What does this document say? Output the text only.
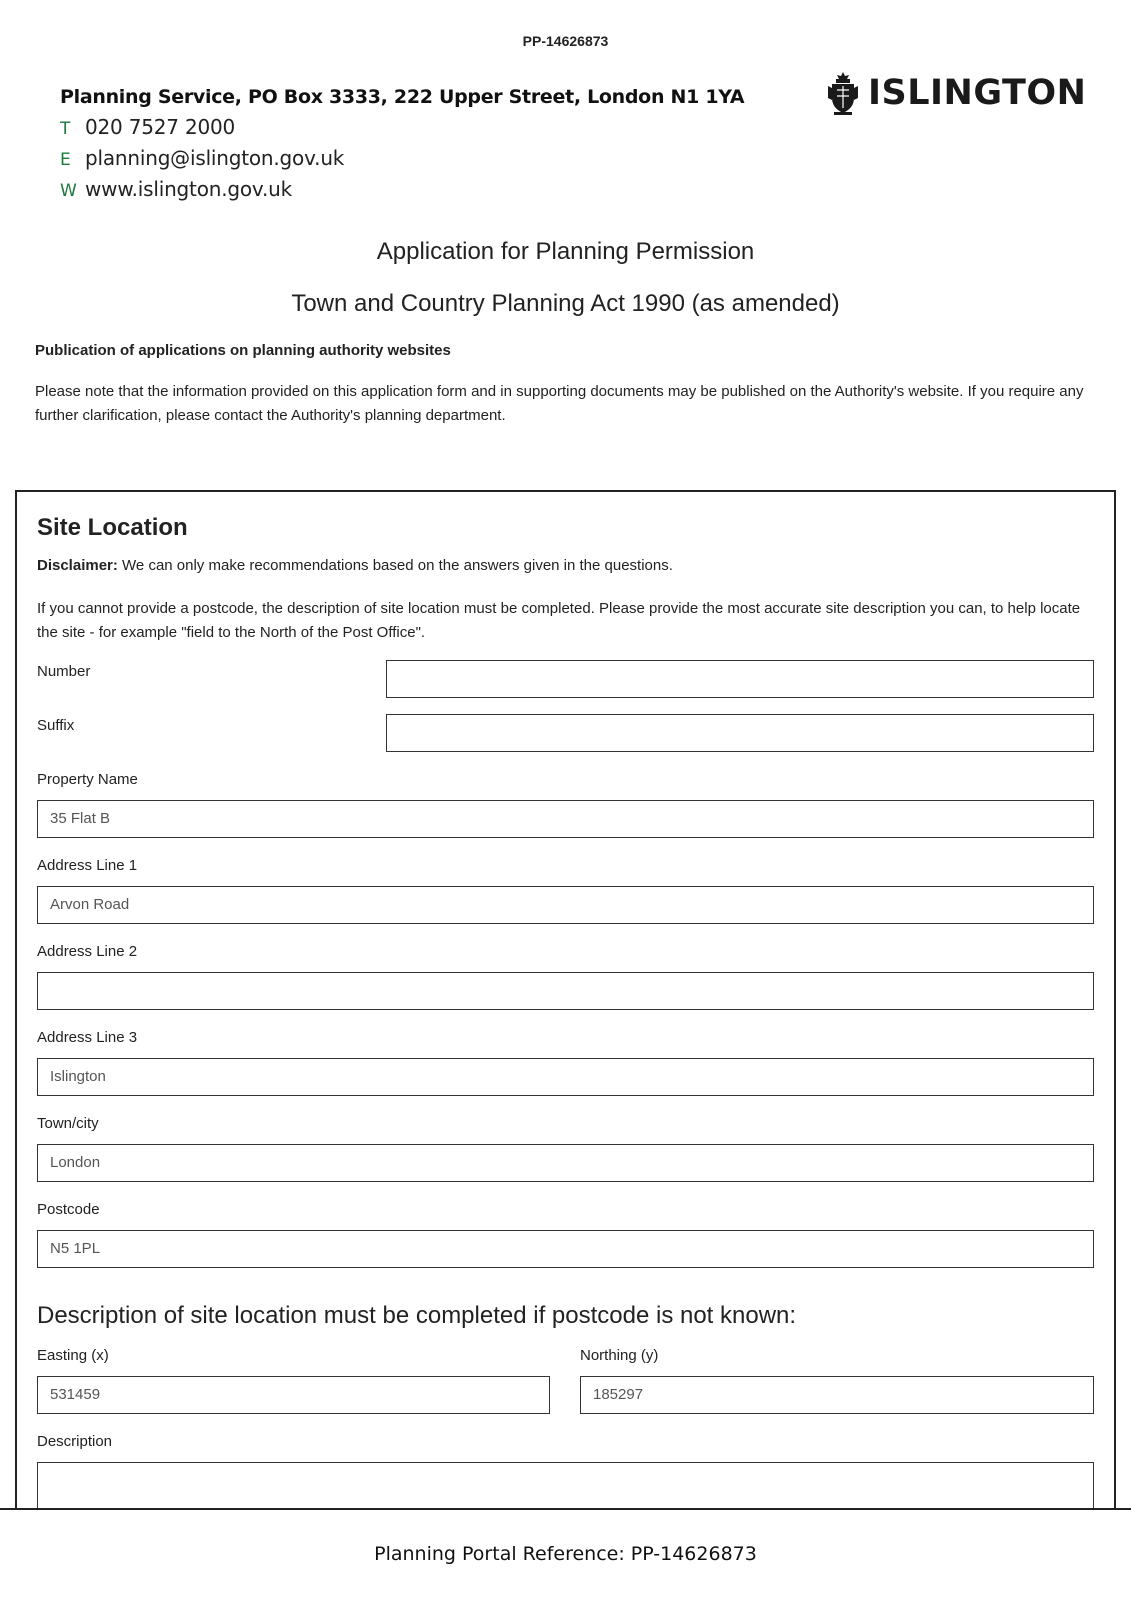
PP-14626873
Planning Service, PO Box 3333, 222 Upper Street, London N1 1YA
T 020 7527 2000
E planning@islington.gov.uk
W www.islington.gov.uk
ISLINGTON
Application for Planning Permission
Town and Country Planning Act 1990 (as amended)
Publication of applications on planning authority websites
Please note that the information provided on this application form and in supporting documents may be published on the Authority's website. If you require any further clarification, please contact the Authority's planning department.
Site Location
Disclaimer: We can only make recommendations based on the answers given in the questions.
If you cannot provide a postcode, the description of site location must be completed. Please provide the most accurate site description you can, to help locate the site - for example "field to the North of the Post Office".
Number
Suffix
Property Name
35 Flat B
Address Line 1
Arvon Road
Address Line 2
Address Line 3
Islington
Town/city
London
Postcode
N5 1PL
Description of site location must be completed if postcode is not known:
Easting (x)
531459
Northing (y)
185297
Description
Planning Portal Reference: PP-14626873
